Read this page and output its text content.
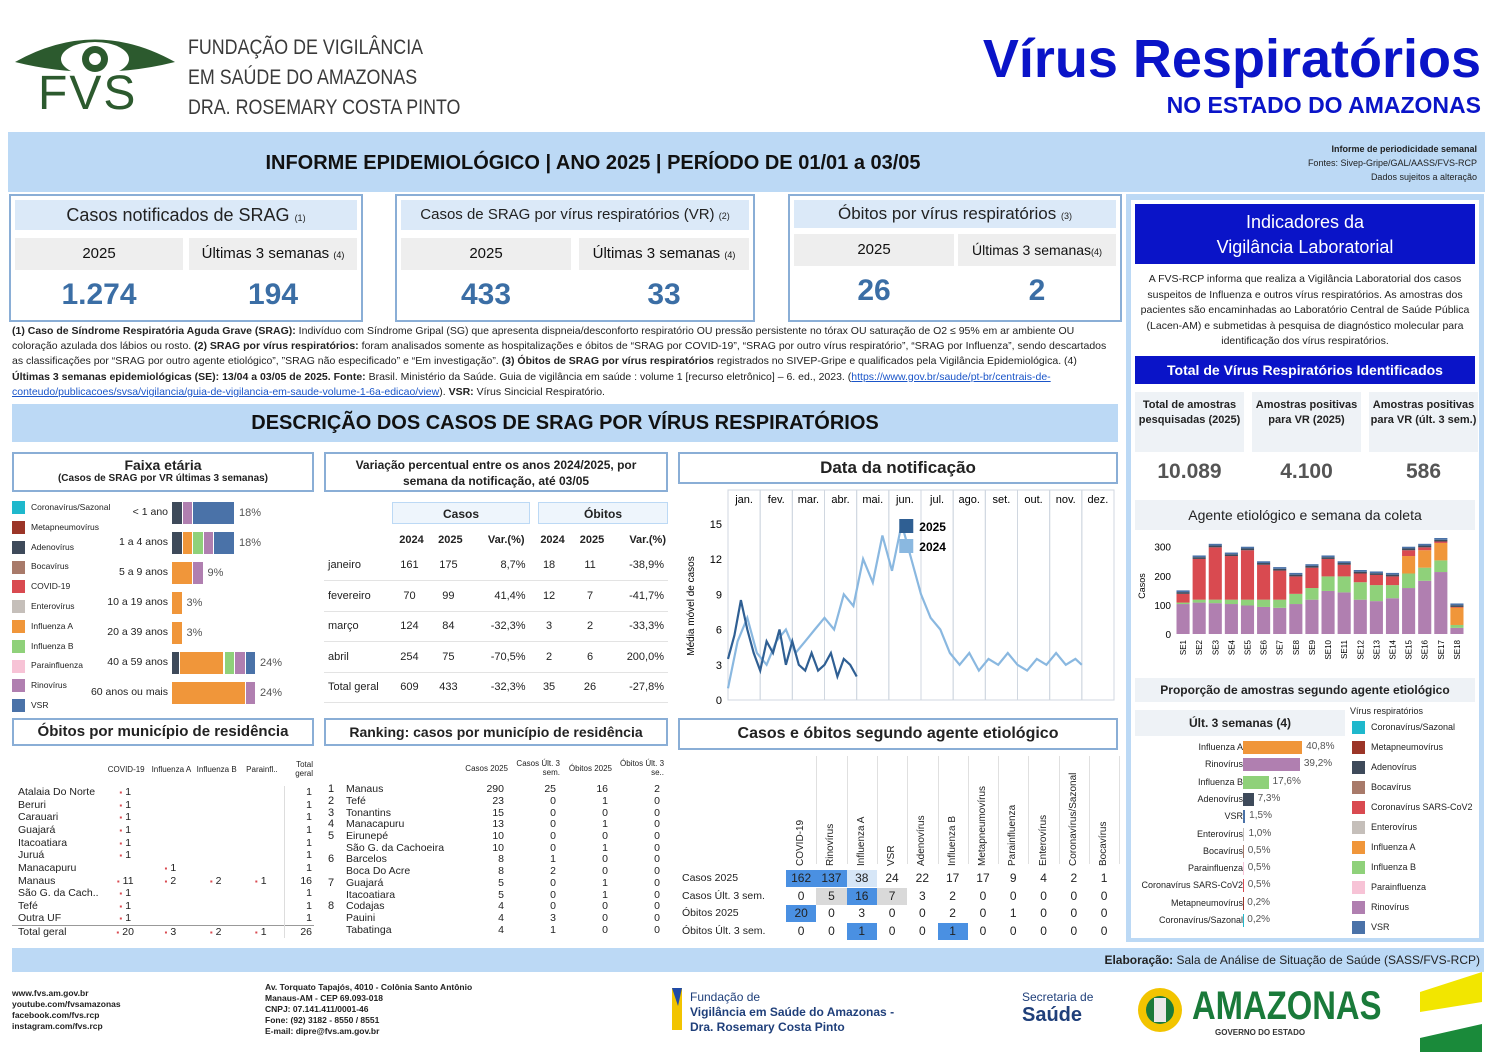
FVS
FUNDAÇÃO DE VIGILÂNCIA
EM SAÚDE DO AMAZONAS
DRA. ROSEMARY COSTA PINTO
Vírus Respiratórios
NO ESTADO DO AMAZONAS
INFORME EPIDEMIOLÓGICO | ANO 2025 | PERÍODO DE 01/01 a 03/05
Informe de periodicidade semanal
Fontes: Sivep-Gripe/GAL/AASS/FVS-RCP
Dados sujeitos a alteração
Casos notificados de SRAG (1)
2025	Últimas 3 semanas (4)
1.274	194
Casos de SRAG por vírus respiratórios (VR) (2)
2025	Últimas 3 semanas (4)
433	33
Óbitos por vírus respiratórios (3)
2025	Últimas 3 semanas(4)
26	2
(1) Caso de Síndrome Respiratória Aguda Grave (SRAG): Indivíduo com Síndrome Gripal (SG) que apresenta dispneia/desconforto respiratório OU pressão persistente no tórax OU saturação de O2 ≤ 95% em ar ambiente OU coloração azulada dos lábios ou rosto. (2) SRAG por vírus respiratórios: foram analisados somente as hospitalizações e óbitos de “SRAG por COVID-19”, “SRAG por outro vírus respiratório”, “SRAG por Influenza”, sendo descartados as classificações por “SRAG por outro agente etiológico”, ”SRAG não especificado” e “Em investigação”. (3) Óbitos de SRAG por vírus respiratórios registrados no SIVEP-Gripe e qualificados pela Vigilância Epidemiológica. (4) Últimas 3 semanas epidemiológicas (SE): 13/04 a 03/05 de 2025. Fonte: Brasil. Ministério da Saúde. Guia de vigilância em saúde : volume 1 [recurso eletrônico] – 6. ed., 2023. (https://www.gov.br/saude/pt-br/centrais-de-conteudo/publicacoes/svsa/vigilancia/guia-de-vigilancia-em-saude-volume-1-6a-edicao/view). VSR: Vírus Sincicial Respiratório.
DESCRIÇÃO DOS CASOS DE SRAG POR VÍRUS RESPIRATÓRIOS
Faixa etária
(Casos de SRAG por VR últimas 3 semanas)
Coronavírus/Sazonal
Metapneumovírus
Adenovírus
Bocavírus
COVID-19
Enterovírus
Influenza A
Influenza B
Parainfluenza
Rinovírus
VSR
< 1 ano	18%
1 a 4 anos	18%
5 a 9 anos	9%
10 a 19 anos 3%
20 a 39 anos 3%
40 a 59 anos	24%
60 anos ou mais	24%
Variação percentual entre os anos 2024/2025, por semana da notificação, até 03/05
Casos	Óbitos
	2024	2025	Var.(%)	2024	2025	Var.(%)
janeiro	161	175	8,7%	18	11	-38,9%
fevereiro	70	99	41,4%	12	7	-41,7%
março	124	84	-32,3%	3	2	-33,3%
abril	254	75	-70,5%	2	6	200,0%
Total geral	609	433	-32,3%	35	26	-27,8%
Data da notificação
jan. fev. mar. abr. mai. jun. jul. ago. set. out. nov. dez.
15
12
9
6
3
0
Média móvel de casos
2025
2024
Óbitos por município de residência
	COVID-19	Influenza A	Influenza B	Parainfl..	Total geral
Atalaia Do Norte	▪ 1				1
Beruri	▪ 1				1
Carauari	▪ 1				1
Guajará	▪ 1				1
Itacoatiara	▪ 1				1
Juruá	▪ 1				1
Manacapuru		▪ 1			1
Manaus	▪ 11	▪ 2	▪ 2	▪ 1	16
São G. da Cach..	▪ 1				1
Tefé	▪ 1				1
Outra UF	▪ 1				1
Total geral	▪ 20	▪ 3	▪ 2	▪ 1	26
Ranking: casos por município de residência
		Casos 2025	Casos Últ. 3 sem.	Óbitos 2025	Óbitos Últ. 3 se..
1	Manaus	290	25	16	2
2	Tefé	23	0	1	0
3	Tonantins	15	0	0	0
4	Manacapuru	13	0	1	0
5	Eirunepé	10	0	0	0
	São G. da Cachoeira	10	0	1	0
6	Barcelos	8	1	0	0
	Boca Do Acre	8	2	0	0
7	Guajará	5	0	1	0
	Itacoatiara	5	0	1	0
8	Codajas	4	0	0	0
	Pauini	4	3	0	0
	Tabatinga	4	1	0	0
Casos e óbitos segundo agente etiológico
COVID-19	Rinovírus	Influenza A	VSR	Adenovírus	Influenza B	Metapneumovírus	Parainfluenza	Enterovírus	Coronavírus/Sazonal	Bocavírus
Casos 2025	162 137	38	24	22	17	17	9	4	2	1
Casos Últ. 3 sem.	0	5	16	7	3	2	0	0	0	0	0
Óbitos 2025	20	0	3	0	0	2	0	1	0	0	0
Óbitos Últ. 3 sem.	0	0	1	0	0	1	0	0	0	0	0
Indicadores da
Vigilância Laboratorial
A FVS-RCP informa que realiza a Vigilância Laboratorial dos casos suspeitos de Influenza e outros vírus respiratórios. As amostras dos pacientes são encaminhadas ao Laboratório Central de Saúde Pública (Lacen-AM) e submetidas à pesquisa de diagnóstico molecular para identificação dos vírus respiratórios.
Total de Vírus Respiratórios Identificados
Total de amostras pesquisadas (2025)
10.089
Amostras positivas para VR (2025)
4.100
Amostras positivas para VR (últ. 3 sem.)
586
Agente etiológico e semana da coleta
300
200
100
0
Casos
SE1 SE2 SE3 SE4 SE5 SE6 SE7 SE8 SE9 SE10 SE11 SE12 SE13 SE14 SE15 SE16 SE17 SE18
Proporção de amostras segundo agente etiológico
Últ. 3 semanas (4)
Influenza A	40,8%
Rinovírus	39,2%
Influenza B	17,6%
Adenovírus 7,3%
VSR 1,5%
Enterovírus 1,0%
Bocavírus 0,5%
Parainfluenza 0,5%
Coronavírus SARS-CoV2 0,5%
Metapneumovírus 0,2%
Coronavírus/Sazonal 0,2%
Vírus respiratórios
Coronavírus/Sazonal
Metapneumovírus
Adenovírus
Bocavírus
Coronavírus SARS-CoV2
Enterovírus
Influenza A
Influenza B
Parainfluenza
Rinovírus
VSR
Elaboração: Sala de Análise de Situação de Saúde (SASS/FVS-RCP)
www.fvs.am.gov.br
youtube.com/fvsamazonas
facebook.com/fvs.rcp
instagram.com/fvs.rcp
Av. Torquato Tapajós, 4010 - Colônia Santo Antônio
Manaus-AM - CEP 69.093-018
CNPJ: 07.141.411/0001-46
Fone: (92) 3182 - 8550 / 8551
E-mail: dipre@fvs.am.gov.br
Fundação de
Vigilância em Saúde do Amazonas -
Dra. Rosemary Costa Pinto
Secretaria de
Saúde	AMAZONAS
GOVERNO DO ESTADO
